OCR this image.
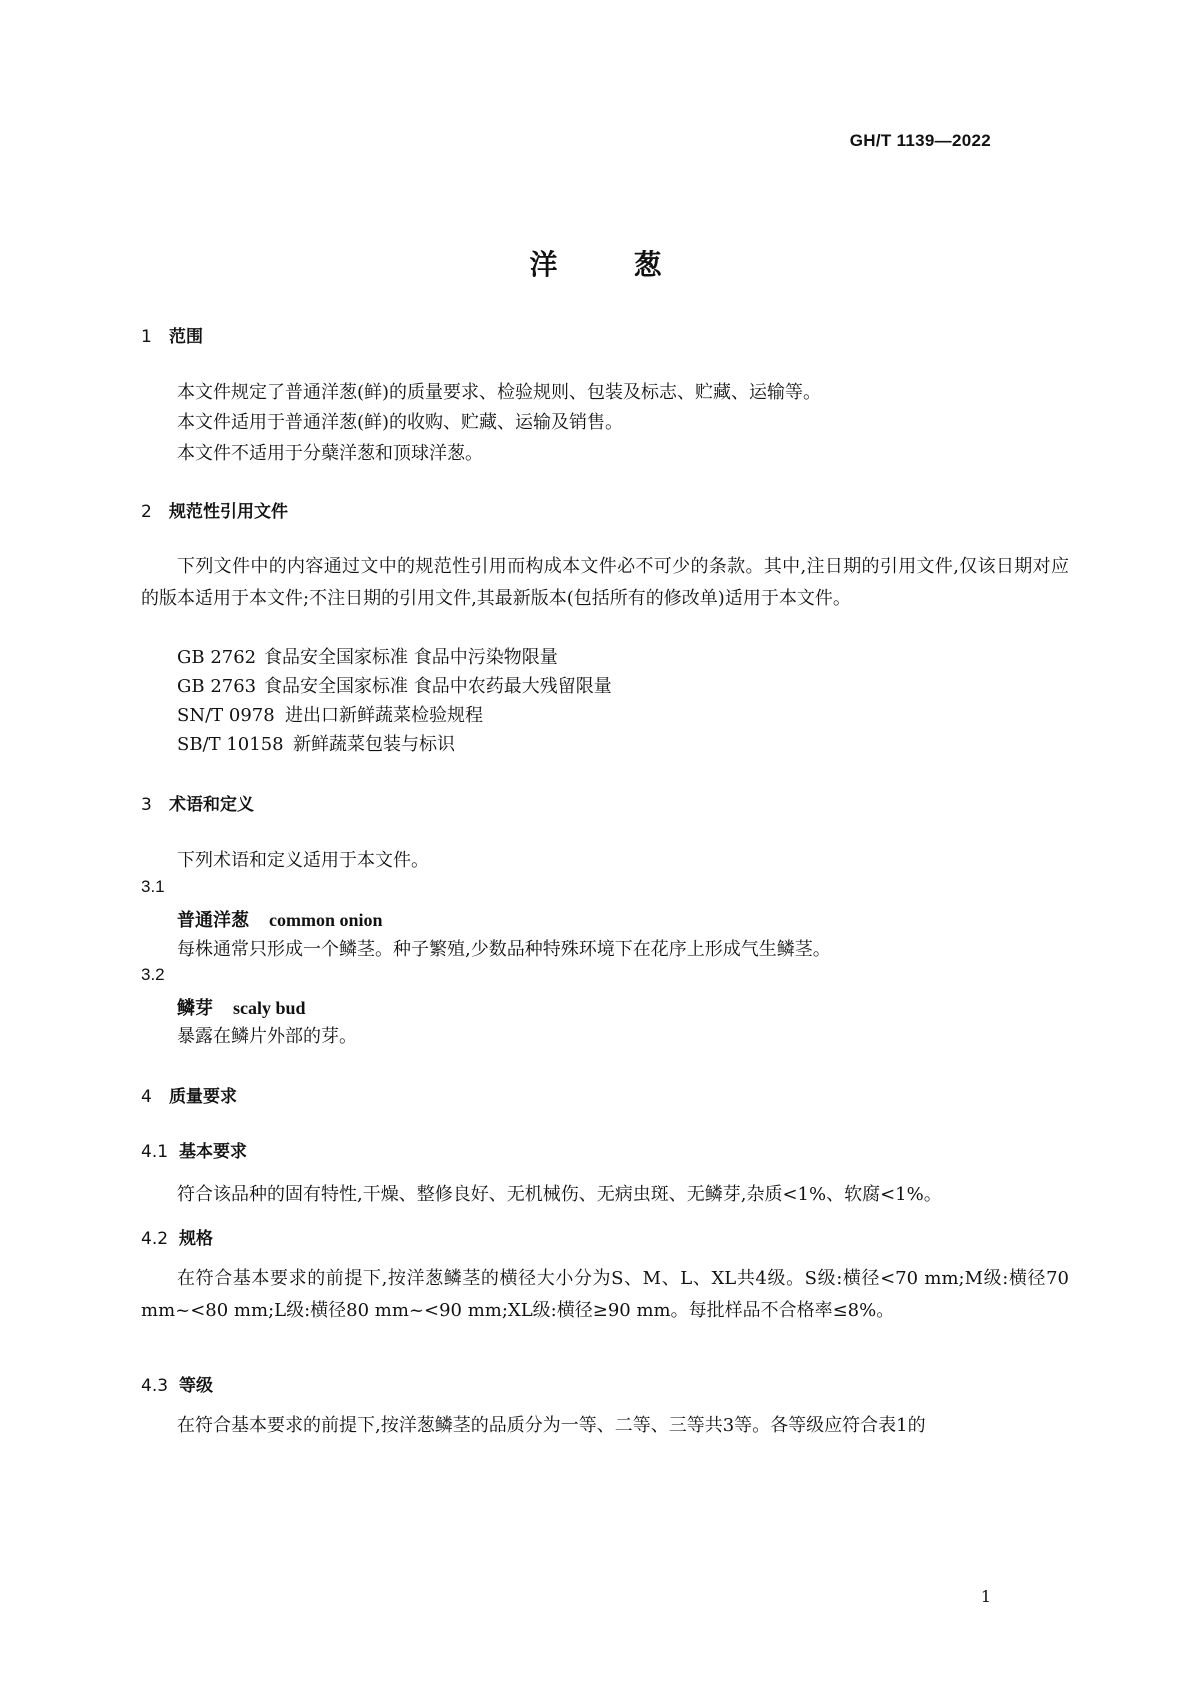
GH/T 1139—2022
洋	葱
1 范围
本文件规定了普通洋葱(鲜)的质量要求、检验规则、包装及标志、贮藏、运输等。
本文件适用于普通洋葱(鲜)的收购、贮藏、运输及销售。
本文件不适用于分蘖洋葱和顶球洋葱。
2 规范性引用文件
下列文件中的内容通过文中的规范性引用而构成本文件必不可少的条款。其中,注日期的引用文件,仅该日期对应的版本适用于本文件;不注日期的引用文件,其最新版本(包括所有的修改单)适用于本文件。
GB 2762 食品安全国家标准 食品中污染物限量
GB 2763 食品安全国家标准 食品中农药最大残留限量
SN/T 0978 进出口新鲜蔬菜检验规程
SB/T 10158 新鲜蔬菜包装与标识
3 术语和定义
下列术语和定义适用于本文件。
3.1
普通洋葱 common onion
每株通常只形成一个鳞茎。种子繁殖,少数品种特殊环境下在花序上形成气生鳞茎。
3.2
鳞芽 scaly bud
暴露在鳞片外部的芽。
4 质量要求
4.1 基本要求
符合该品种的固有特性,干燥、整修良好、无机械伤、无病虫斑、无鳞芽,杂质<1%、软腐<1%。
4.2 规格
在符合基本要求的前提下,按洋葱鳞茎的横径大小分为S、M、L、XL共4级。S级:横径<70 mm;M级:横径70 mm~<80 mm;L级:横径80 mm~<90 mm;XL级:横径≥90 mm。每批样品不合格率≤8%。
4.3 等级
在符合基本要求的前提下,按洋葱鳞茎的品质分为一等、二等、三等共3等。各等级应符合表1的
1
